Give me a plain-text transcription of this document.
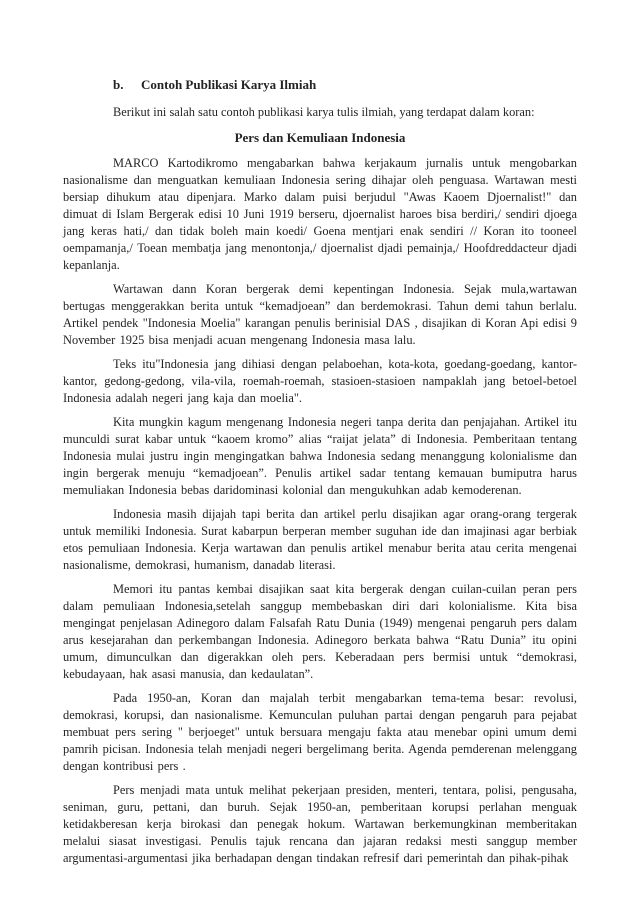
b. Contoh Publikasi Karya Ilmiah

Berikut ini salah satu contoh publikasi karya tulis ilmiah, yang terdapat dalam koran:

Pers dan Kemuliaan Indonesia

MARCO Kartodikromo mengabarkan bahwa kerjakaum jurnalis untuk mengobarkan nasionalisme dan menguatkan kemuliaan Indonesia sering dihajar oleh penguasa. Wartawan mesti bersiap dihukum atau dipenjara. Marko dalam puisi berjudul "Awas Kaoem Djoernalist!" dan dimuat di Islam Bergerak edisi 10 Juni 1919 berseru, djoernalist haroes bisa berdiri,/ sendiri djoega jang keras hati,/ dan tidak boleh main koedi/ Goena mentjari enak sendiri // Koran ito tooneel oempamanja,/ Toean membatja jang menontonja,/ djoernalist djadi pemainja,/ Hoofdreddacteur djadi kepanlanja.

Wartawan dann Koran bergerak demi kepentingan Indonesia. Sejak mula,wartawan bertugas menggerakkan berita untuk “kemadjoean” dan berdemokrasi. Tahun demi tahun berlalu. Artikel pendek "Indonesia Moelia" karangan penulis berinisial DAS , disajikan di Koran Api edisi 9 November 1925 bisa menjadi acuan mengenang Indonesia masa lalu.

Teks itu"Indonesia jang dihiasi dengan pelaboehan, kota-kota, goedang-goedang, kantor-kantor, gedong-gedong, vila-vila, roemah-roemah, stasioen-stasioen nampaklah jang betoel-betoel Indonesia adalah negeri jang kaja dan moelia".

Kita mungkin kagum mengenang Indonesia negeri tanpa derita dan penjajahan. Artikel itu munculdi surat kabar untuk “kaoem kromo” alias “raijat jelata” di Indonesia. Pemberitaan tentang Indonesia mulai justru ingin mengingatkan bahwa Indonesia sedang menanggung kolonialisme dan ingin bergerak menuju “kemadjoean”. Penulis artikel sadar tentang kemauan bumiputra harus memuliakan Indonesia bebas daridominasi kolonial dan mengukuhkan adab kemoderenan.

Indonesia masih dijajah tapi berita dan artikel perlu disajikan agar orang-orang tergerak untuk memiliki Indonesia. Surat kabarpun berperan member suguhan ide dan imajinasi agar berbiak etos pemuliaan Indonesia. Kerja wartawan dan penulis artikel menabur berita atau cerita mengenai nasionalisme, demokrasi, humanism, danadab literasi.

Memori itu pantas kembai disajikan saat kita bergerak dengan cuilan-cuilan peran pers dalam pemuliaan Indonesia,setelah sanggup membebaskan diri dari kolonialisme. Kita bisa mengingat penjelasan Adinegoro dalam Falsafah Ratu Dunia (1949) mengenai pengaruh pers dalam arus kesejarahan dan perkembangan Indonesia. Adinegoro berkata bahwa “Ratu Dunia” itu opini umum, dimunculkan dan digerakkan oleh pers. Keberadaan pers bermisi untuk “demokrasi, kebudayaan, hak asasi manusia, dan kedaulatan”.

Pada 1950-an, Koran dan majalah terbit mengabarkan tema-tema besar: revolusi, demokrasi, korupsi, dan nasionalisme. Kemunculan puluhan partai dengan pengaruh para pejabat membuat pers sering '' berjoeget" untuk bersuara mengaju fakta atau menebar opini umum demi pamrih picisan. Indonesia telah menjadi negeri bergelimang berita. Agenda pemderenan melenggang dengan kontribusi pers .

Pers menjadi mata untuk melihat pekerjaan presiden, menteri, tentara, polisi, pengusaha, seniman, guru, pettani, dan buruh. Sejak 1950-an, pemberitaan korupsi perlahan menguak ketidakberesan kerja birokasi dan penegak hokum. Wartawan berkemungkinan memberitakan melalui siasat investigasi. Penulis tajuk rencana dan jajaran redaksi mesti sanggup member argumentasi-argumentasi jika berhadapan dengan tindakan refresif dari pemerintah dan pihak-pihak
